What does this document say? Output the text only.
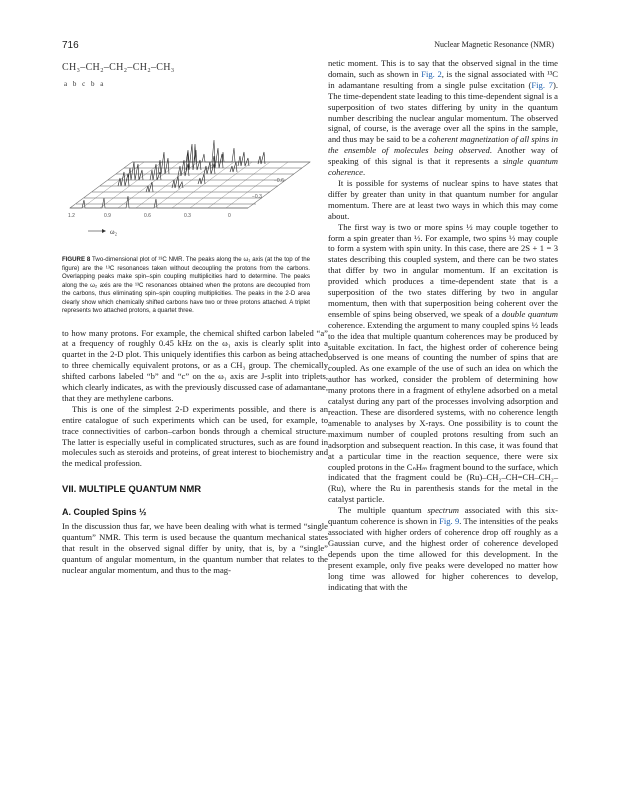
716	Nuclear Magnetic Resonance (NMR)
1.2	0.9	0.6	0.3	0
−0.3
−0.6
ω₂
CH₃–CH₂–CH₂–CH₂–CH₃
a b c b a

FIGURE 8 Two-dimensional plot of ¹³C NMR. The peaks along the ω₁ axis (at the top of the figure) are the ¹³C resonances taken without decoupling the protons from the carbons. Overlapping peaks make spin–spin coupling multiplicities hard to determine. The peaks along the ω₂ axis are the ¹³C resonances obtained when the protons are decoupled from the carbons, thus eliminating spin–spin coupling multiplicities. The peaks in the 2-D area clearly show which chemically shifted carbons have two or three protons attached. A triplet represents two attached protons, a quartet three.

to how many protons. For example, the chemical shifted carbon labeled “a” at a frequency of roughly 0.45 kHz on the ω₁ axis is clearly split into a quartet in the 2-D plot. This uniquely identifies this carbon as being attached to three chemically equivalent protons, or as a CH₃ group. The chemically shifted carbons labeled “b” and “c” on the ω₁ axis are J-split into triplets, which clearly indicates, as with the previously discussed case of adamantane, that they are methylene carbons.

This is one of the simplest 2-D experiments possible, and there is an entire catalogue of such experiments which can be used, for example, to trace connectivities of carbon–carbon bonds through a chemical structure. The latter is especially useful in complicated structures, such as are found in molecules such as steroids and proteins, of great interest to biochemistry and the medical profession.

VII. MULTIPLE QUANTUM NMR
A. Coupled Spins ½

In the discussion thus far, we have been dealing with what is termed “single quantum” NMR. This term is used because the quantum mechanical states that result in the observed signal differ by unity, that is, by a “single” quantum of angular momentum, in the quantum number that relates to the nuclear angular momentum, and thus to the mag-

netic moment. This is to say that the observed signal in the time domain, such as shown in Fig. 2, is the signal associated with ¹³C in adamantane resulting from a single pulse excitation (Fig. 7). The time-dependent state leading to this time-dependent signal is a superposition of two states differing by unity in the quantum number describing the nuclear angular momentum. The observed signal, of course, is the average over all the spins in the sample, and thus may be said to be a coherent magnetization of all spins in the ensemble of molecules being observed. Another way of speaking of this signal is that it represents a single quantum coherence.

It is possible for systems of nuclear spins to have states that differ by greater than unity in that quantum number for angular momentum. There are at least two ways in which this may come about.

The first way is two or more spins ½ may couple together to form a spin greater than ½. For example, two spins ½ may couple to form a system with spin unity. In this case, there are 2S + 1 = 3 states describing this coupled system, and there can be two states that differ by two in angular momentum. If an excitation is provided which produces a time-dependent state that is a superposition of the two states differing by two in angular momentum, then with that superposition being coherent over the ensemble of spins being observed, we speak of a double quantum coherence. Extending the argument to many coupled spins ½ leads to the idea that multiple quantum coherences may be produced by suitable excitation. In fact, the highest order of coherence being observed is one means of counting the number of spins that are coupled. As one example of the use of such an idea on which the author has worked, consider the problem of determining how many protons there in a fragment of ethylene adsorbed on a metal catalyst during any part of the processes involving adsorption and reaction. These are disordered systems, with no coherence length amenable to analyses by X-rays. One possibility is to count the maximum number of coupled protons resulting from such an adsorption and subsequent reaction. In this case, it was found that at a particular time in the reaction sequence, there were six coupled protons in the CₙHₘ fragment bound to the surface, which indicated that the fragment could be (Ru)–CH₂–CH=CH–CH₂–(Ru), where the Ru in parenthesis stands for the metal in the catalyst particle.

The multiple quantum spectrum associated with this six-quantum coherence is shown in Fig. 9. The intensities of the peaks associated with higher orders of coherence drop off roughly as a Gaussian curve, and the highest order of coherence developed depends upon the time allowed for this development. In the present example, only five peaks were developed no matter how long time was allowed for higher coherences to develop, indicating that with the
